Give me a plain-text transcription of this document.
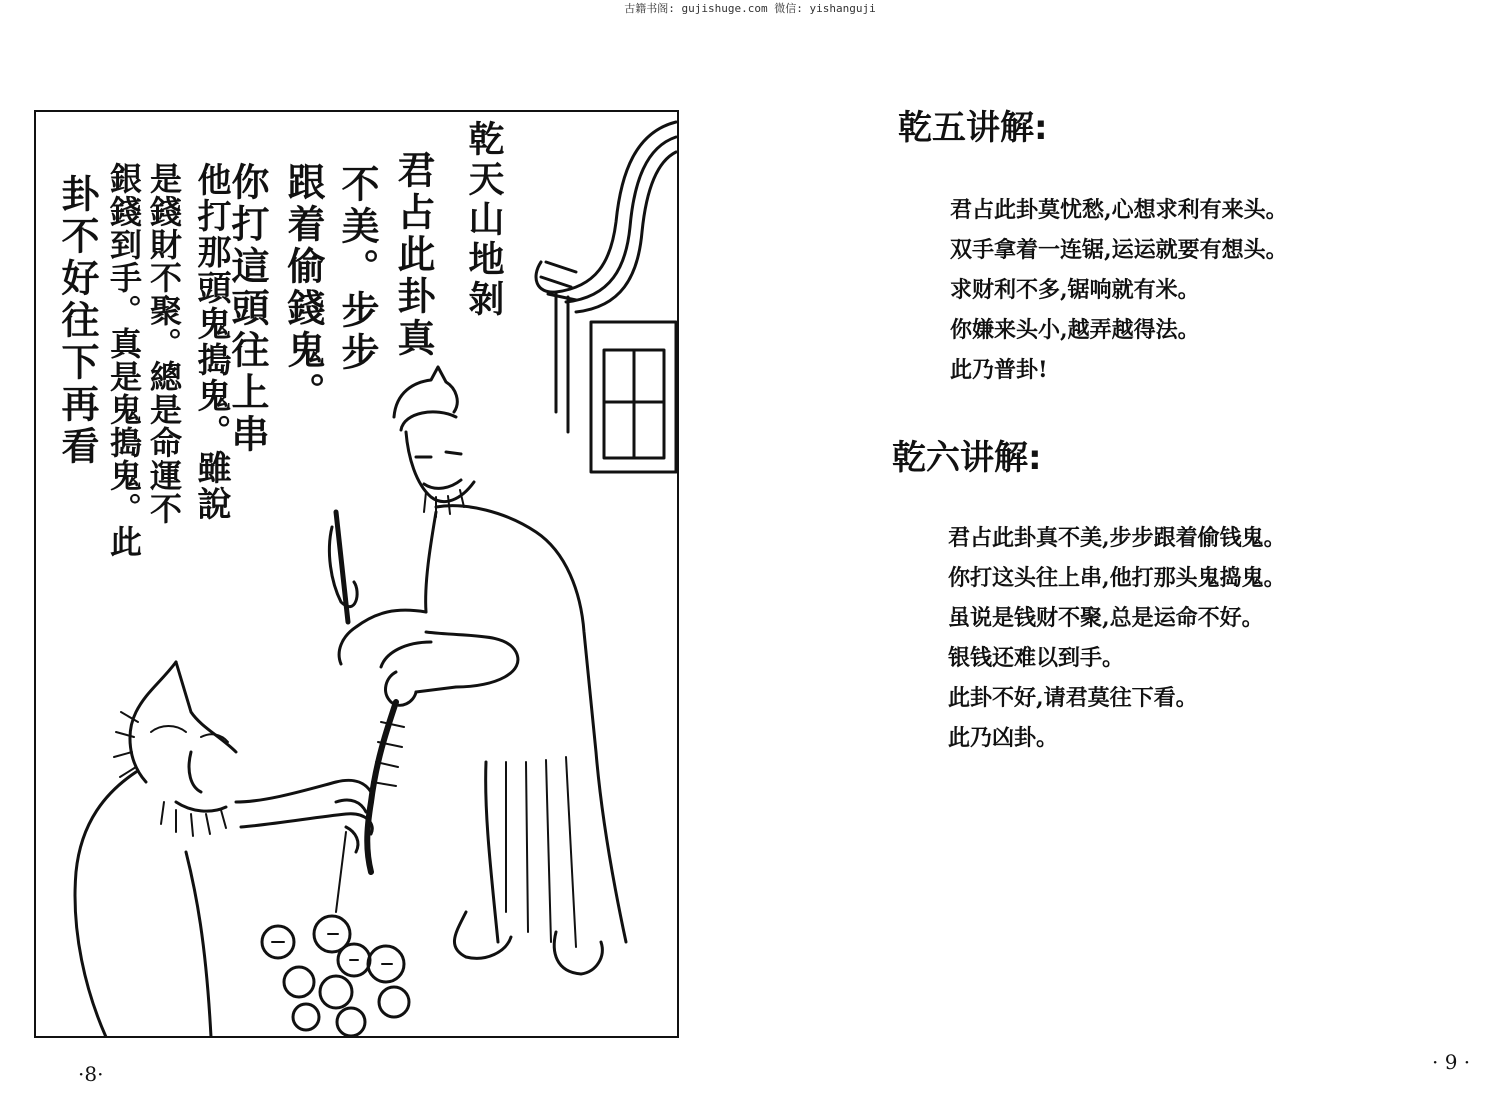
古籍书阁: gujishuge.com 微信: yishanguji
乾天山地剝
君占此卦真
不美。步步
跟着偷錢鬼。
你打這頭往上串
他打那頭鬼搗鬼。雖說
是錢財不聚。總是命運不
銀錢到手。真是鬼搗鬼。此
卦不好往下再看
·8·
乾五讲解:

君占此卦莫忧愁,心想求利有来头。

双手拿着一连锯,运运就要有想头。

求财利不多,锯响就有米。

你嫌来头小,越弄越得法。

此乃普卦!

乾六讲解:

君占此卦真不美,步步跟着偷钱鬼。

你打这头往上串,他打那头鬼捣鬼。

虽说是钱财不聚,总是运命不好。

银钱还难以到手。

此卦不好,请君莫往下看。

此乃凶卦。

· 9 ·
